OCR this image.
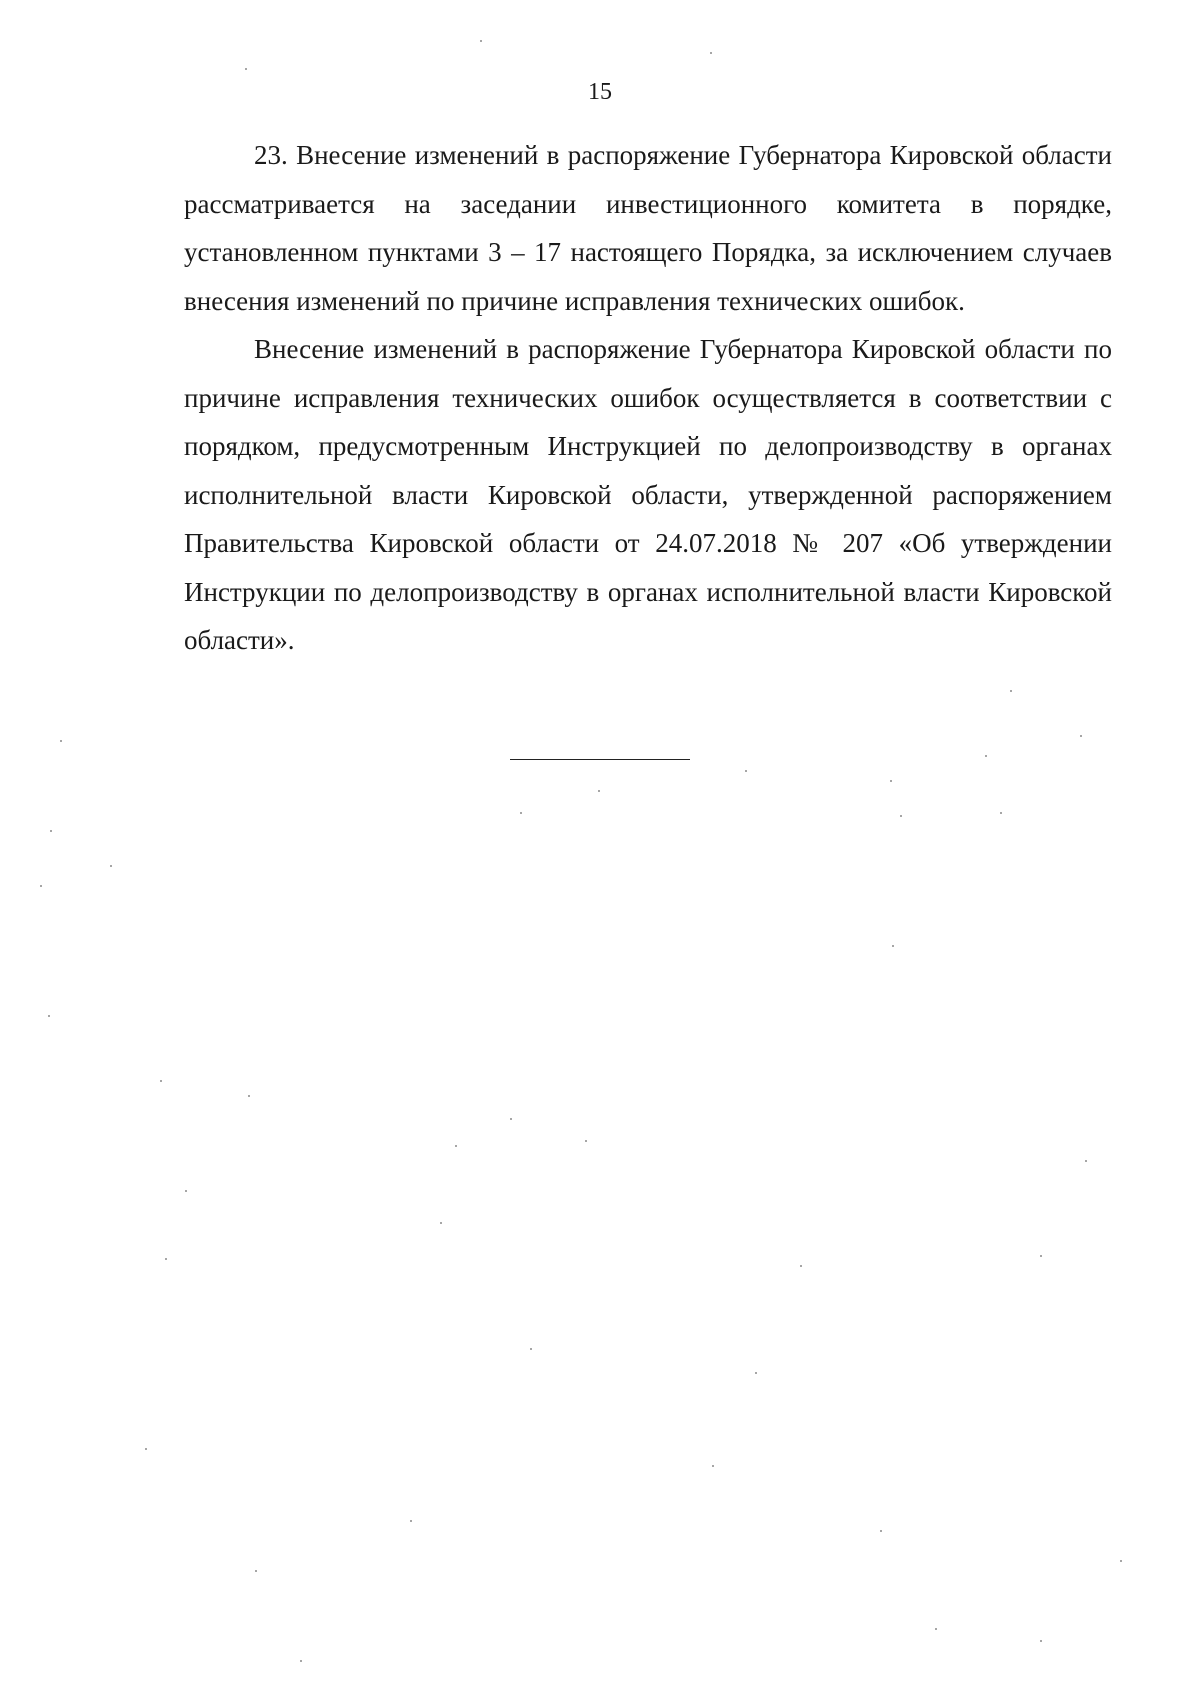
15

23. Внесение изменений в распоряжение Губернатора Кировской области рассматривается на заседании инвестиционного комитета в порядке, установленном пунктами 3 – 17 настоящего Порядка, за исключением случаев внесения изменений по причине исправления технических ошибок.

Внесение изменений в распоряжение Губернатора Кировской области по причине исправления технических ошибок осуществляется в соответствии с порядком, предусмотренным Инструкцией по делопроизводству в органах исполнительной власти Кировской области, утвержденной распоряжением Правительства Кировской области от 24.07.2018 № 207 «Об утверждении Инструкции по делопроизводству в органах исполнительной власти Кировской области».
